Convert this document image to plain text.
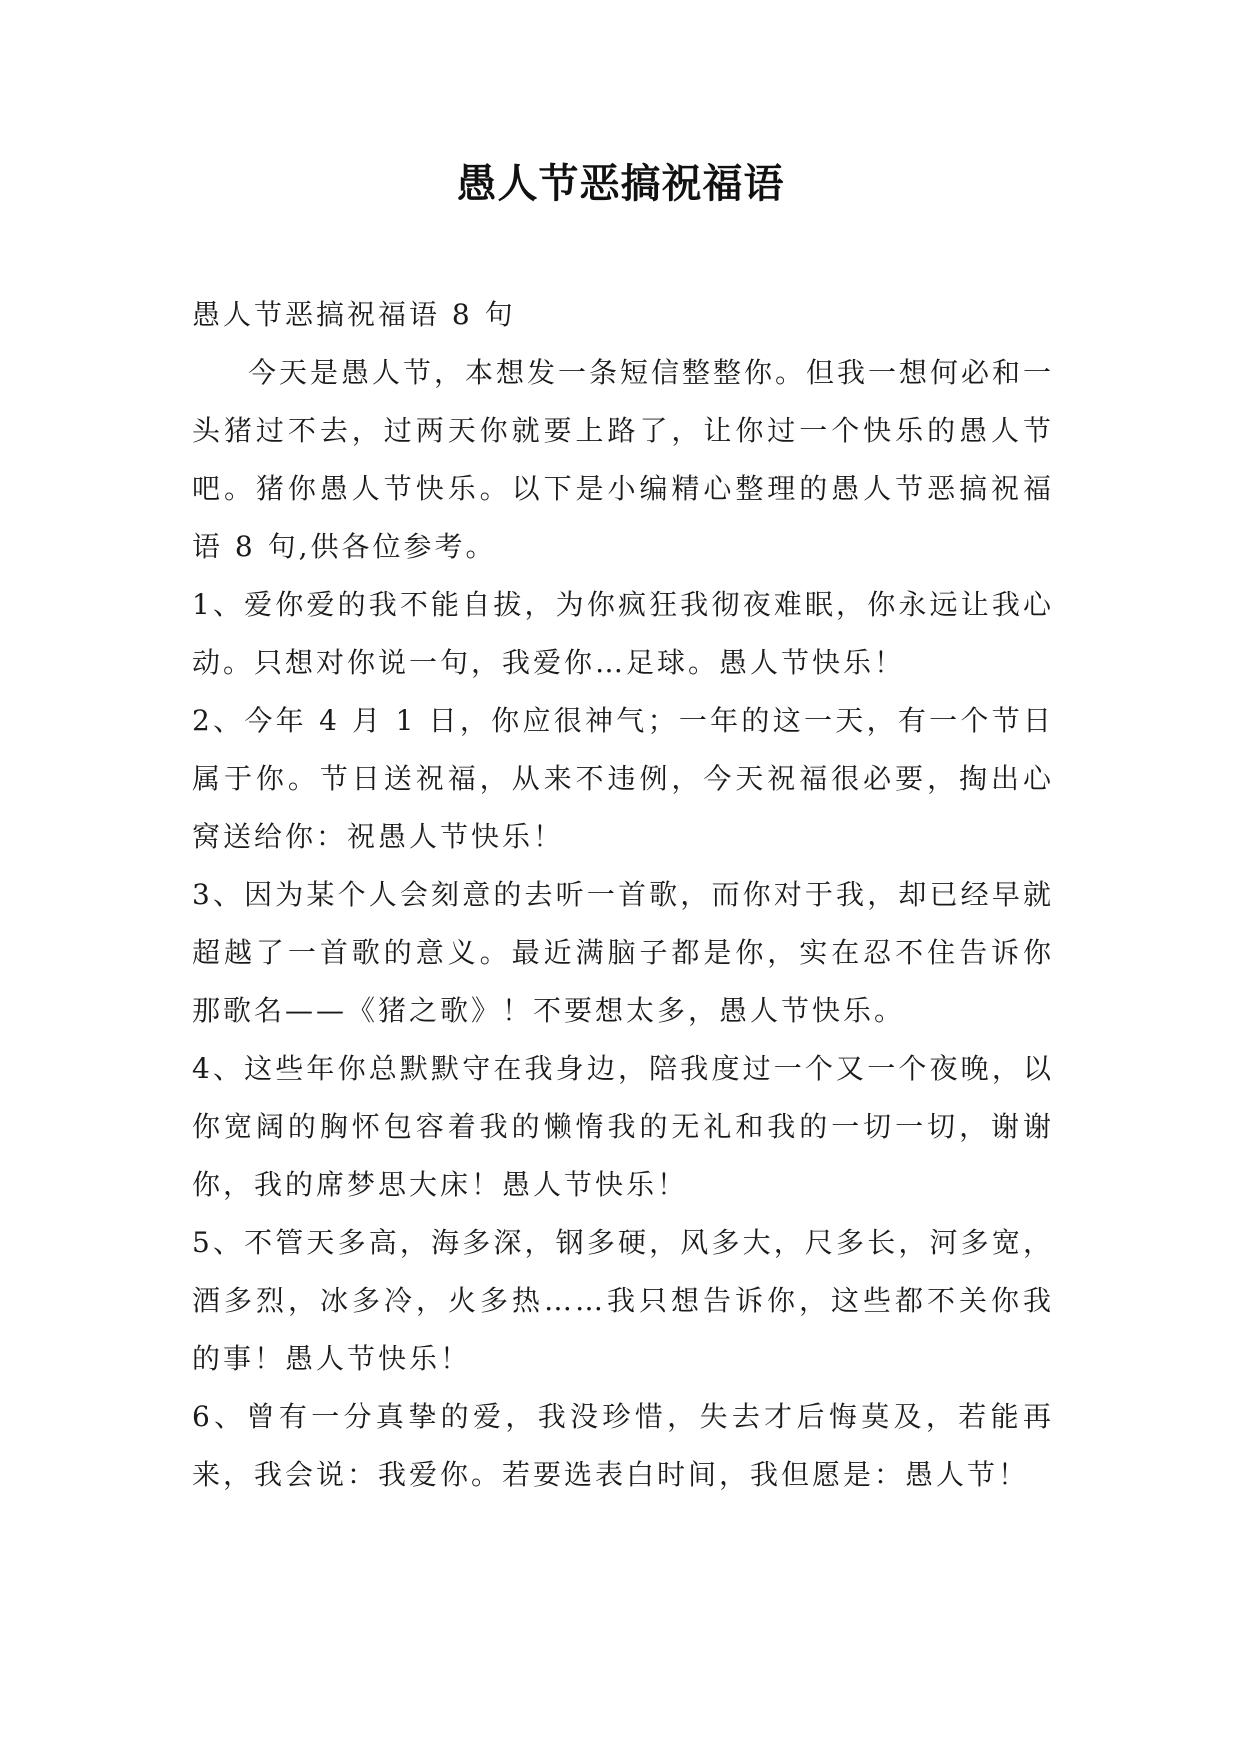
愚人节恶搞祝福语

愚人节恶搞祝福语 8 句

今天是愚人节，本想发一条短信整整你。但我一想何必和一头猪过不去，过两天你就要上路了，让你过一个快乐的愚人节吧。猪你愚人节快乐。以下是小编精心整理的愚人节恶搞祝福语 8 句,供各位参考。

1、爱你爱的我不能自拔，为你疯狂我彻夜难眠，你永远让我心动。只想对你说一句，我爱你…足球。愚人节快乐！

2、今年 4 月 1 日，你应很神气；一年的这一天，有一个节日属于你。节日送祝福，从来不违例，今天祝福很必要，掏出心窝送给你：祝愚人节快乐！

3、因为某个人会刻意的去听一首歌，而你对于我，却已经早就超越了一首歌的意义。最近满脑子都是你，实在忍不住告诉你那歌名——《猪之歌》！不要想太多，愚人节快乐。

4、这些年你总默默守在我身边，陪我度过一个又一个夜晚，以你宽阔的胸怀包容着我的懒惰我的无礼和我的一切一切，谢谢你，我的席梦思大床！愚人节快乐！

5、不管天多高，海多深，钢多硬，风多大，尺多长，河多宽，酒多烈，冰多冷，火多热……我只想告诉你，这些都不关你我的事！愚人节快乐！

6、曾有一分真挚的爱，我没珍惜，失去才后悔莫及，若能再来，我会说：我爱你。若要选表白时间，我但愿是：愚人节！
